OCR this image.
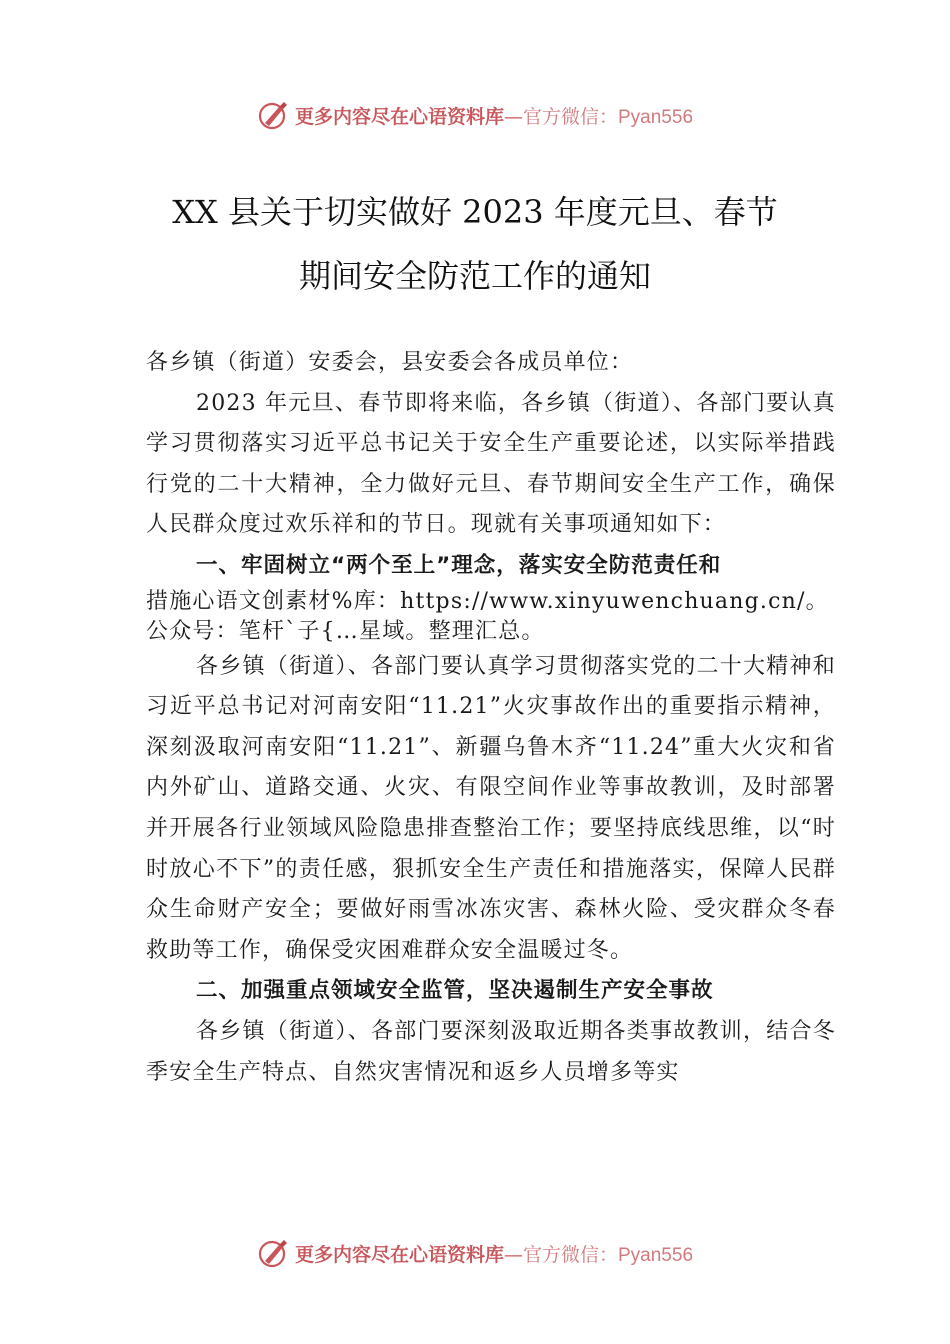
更多内容尽在心语资料库—官方微信：Pyan556
XX 县关于切实做好 2023 年度元旦、春节
期间安全防范工作的通知

各乡镇（街道）安委会，县安委会各成员单位：

2023 年元旦、春节即将来临，各乡镇（街道）、各部门要认真学习贯彻落实习近平总书记关于安全生产重要论述，以实际举措践行党的二十大精神，全力做好元旦、春节期间安全生产工作，确保人民群众度过欢乐祥和的节日。现就有关事项通知如下：

一、牢固树立“两个至上”理念，落实安全防范责任和

措施心语文创素材%库：https://www.xinyuwenchuang.cn/。

公众号：笔杆`子{…星域。整理汇总。

各乡镇（街道）、各部门要认真学习贯彻落实党的二十大精神和习近平总书记对河南安阳“11.21”火灾事故作出的重要指示精神，深刻汲取河南安阳“11.21”、新疆乌鲁木齐“11.24”重大火灾和省内外矿山、道路交通、火灾、有限空间作业等事故教训，及时部署并开展各行业领域风险隐患排查整治工作；要坚持底线思维，以“时时放心不下”的责任感，狠抓安全生产责任和措施落实，保障人民群众生命财产安全；要做好雨雪冰冻灾害、森林火险、受灾群众冬春救助等工作，确保受灾困难群众安全温暖过冬。

二、加强重点领域安全监管，坚决遏制生产安全事故

各乡镇（街道）、各部门要深刻汲取近期各类事故教训，结合冬季安全生产特点、自然灾害情况和返乡人员增多等实

更多内容尽在心语资料库—官方微信：Pyan556
